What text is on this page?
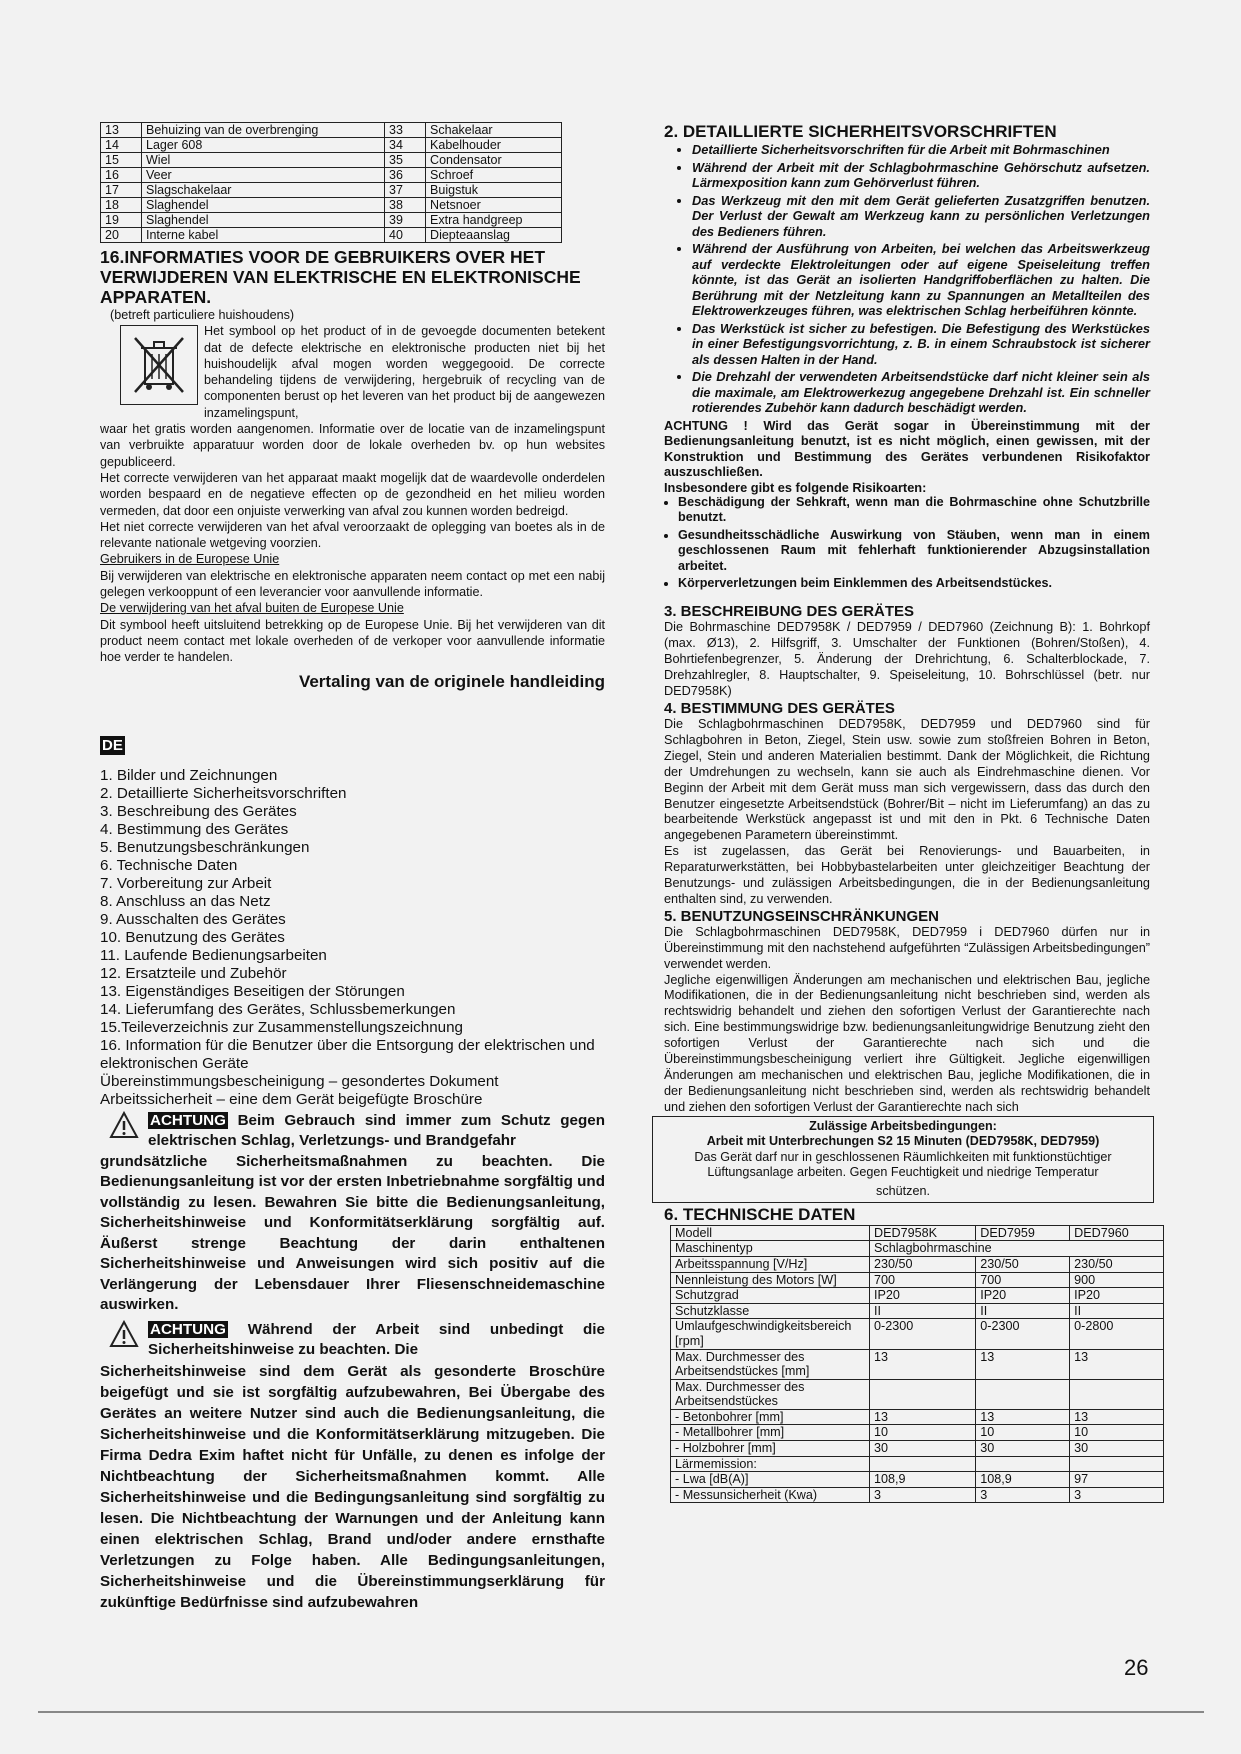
13	Behuizing van de overbrenging	33	Schakelaar
14	Lager 608	34	Kabelhouder
15	Wiel	35	Condensator
16	Veer	36	Schroef
17	Slagschakelaar	37	Buigstuk
18	Slaghendel	38	Netsnoer
19	Slaghendel	39	Extra handgreep
20	Interne kabel	40	Diepteaanslag
16.INFORMATIES VOOR DE GEBRUIKERS OVER HET VERWIJDEREN VAN ELEKTRISCHE EN ELEKTRONISCHE APPARATEN.
(betreft particuliere huishoudens)
Het symbool op het product of in de gevoegde documenten betekent dat de defecte elektrische en elektronische producten niet bij het huishoudelijk afval mogen worden weggegooid. De correcte behandeling tijdens de verwijdering, hergebruik of recycling van de componenten berust op het leveren van het product bij de aangewezen inzamelingspunt,
waar het gratis worden aangenomen. Informatie over de locatie van de inzamelingspunt van verbruikte apparatuur worden door de lokale overheden bv. op hun websites gepubliceerd.
Het correcte verwijderen van het apparaat maakt mogelijk dat de waardevolle onderdelen worden bespaard en de negatieve effecten op de gezondheid en het milieu worden vermeden, dat door een onjuiste verwerking van afval zou kunnen worden bedreigd.
Het niet correcte verwijderen van het afval veroorzaakt de oplegging van boetes als in de relevante nationale wetgeving voorzien.
Gebruikers in de Europese Unie
Bij verwijderen van elektrische en elektronische apparaten neem contact op met een nabij gelegen verkooppunt of een leverancier voor aanvullende informatie.
De verwijdering van het afval buiten de Europese Unie
Dit symbool heeft uitsluitend betrekking op de Europese Unie. Bij het verwijderen van dit product neem contact met lokale overheden of de verkoper voor aanvullende informatie hoe verder te handelen.
Vertaling van de originele handleiding
DE
1. Bilder und Zeichnungen
2. Detaillierte Sicherheitsvorschriften
3. Beschreibung des Gerätes
4. Bestimmung des Gerätes
5. Benutzungsbeschränkungen
6. Technische Daten
7. Vorbereitung zur Arbeit
8. Anschluss an das Netz
9. Ausschalten des Gerätes
10. Benutzung des Gerätes
11. Laufende Bedienungsarbeiten
12. Ersatzteile und Zubehör
13. Eigenständiges Beseitigen der Störungen
14. Lieferumfang des Gerätes, Schlussbemerkungen
15.Teileverzeichnis zur Zusammenstellungszeichnung
16. Information für die Benutzer über die Entsorgung der elektrischen und elektronischen Geräte
Übereinstimmungsbescheinigung – gesondertes Dokument
Arbeitssicherheit – eine dem Gerät beigefügte Broschüre
ACHTUNG Beim Gebrauch sind immer zum Schutz gegen elektrischen Schlag, Verletzungs- und Brandgefahr
grundsätzliche Sicherheitsmaßnahmen zu beachten. Die Bedienungsanleitung ist vor der ersten Inbetriebnahme sorgfältig und vollständig zu lesen. Bewahren Sie bitte die Bedienungsanleitung, Sicherheitshinweise und Konformitätserklärung sorgfältig auf. Äußerst strenge Beachtung der darin enthaltenen Sicherheitshinweise und Anweisungen wird sich positiv auf die Verlängerung der Lebensdauer Ihrer Fliesenschneidemaschine auswirken.
ACHTUNG Während der Arbeit sind unbedingt die Sicherheitshinweise zu beachten. Die
Sicherheitshinweise sind dem Gerät als gesonderte Broschüre beigefügt und sie ist sorgfältig aufzubewahren, Bei Übergabe des Gerätes an weitere Nutzer sind auch die Bedienungsanleitung, die Sicherheitshinweise und die Konformitätserklärung mitzugeben. Die Firma Dedra Exim haftet nicht für Unfälle, zu denen es infolge der Nichtbeachtung der Sicherheitsmaßnahmen kommt. Alle Sicherheitshinweise und die Bedingungsanleitung sind sorgfältig zu lesen. Die Nichtbeachtung der Warnungen und der Anleitung kann einen elektrischen Schlag, Brand und/oder andere ernsthafte Verletzungen zu Folge haben. Alle Bedingungsanleitungen, Sicherheitshinweise und die Übereinstimmungserklärung für zukünftige Bedürfnisse sind aufzubewahren
2. DETAILLIERTE SICHERHEITSVORSCHRIFTEN
• Detaillierte Sicherheitsvorschriften für die Arbeit mit Bohrmaschinen
• Während der Arbeit mit der Schlagbohrmaschine Gehörschutz aufsetzen. Lärmexposition kann zum Gehörverlust führen.
• Das Werkzeug mit den mit dem Gerät gelieferten Zusatzgriffen benutzen. Der Verlust der Gewalt am Werkzeug kann zu persönlichen Verletzungen des Bedieners führen.
• Während der Ausführung von Arbeiten, bei welchen das Arbeitswerkzeug auf verdeckte Elektroleitungen oder auf eigene Speiseleitung treffen könnte, ist das Gerät an isolierten Handgriffoberflächen zu halten. Die Berührung mit der Netzleitung kann zu Spannungen an Metallteilen des Elektrowerkzeuges führen, was elektrischen Schlag herbeiführen könnte.
• Das Werkstück ist sicher zu befestigen. Die Befestigung des Werkstückes in einer Befestigungsvorrichtung, z. B. in einem Schraubstock ist sicherer als dessen Halten in der Hand.
• Die Drehzahl der verwendeten Arbeitsendstücke darf nicht kleiner sein als die maximale, am Elektrowerkezug angegebene Drehzahl ist. Ein schneller rotierendes Zubehör kann dadurch beschädigt werden.
ACHTUNG ! Wird das Gerät sogar in Übereinstimmung mit der Bedienungsanleitung benutzt, ist es nicht möglich, einen gewissen, mit der Konstruktion und Bestimmung des Gerätes verbundenen Risikofaktor auszuschließen.
Insbesondere gibt es folgende Risikoarten:
• Beschädigung der Sehkraft, wenn man die Bohrmaschine ohne Schutzbrille benutzt.
• Gesundheitsschädliche Auswirkung von Stäuben, wenn man in einem geschlossenen Raum mit fehlerhaft funktionierender Abzugsinstallation arbeitet.
• Körperverletzungen beim Einklemmen des Arbeitsendstückes.
3. BESCHREIBUNG DES GERÄTES
Die Bohrmaschine DED7958K / DED7959 / DED7960 (Zeichnung B): 1. Bohrkopf (max. Ø13), 2. Hilfsgriff, 3. Umschalter der Funktionen (Bohren/Stoßen), 4. Bohrtiefenbegrenzer, 5. Änderung der Drehrichtung, 6. Schalterblockade, 7. Drehzahlregler, 8. Hauptschalter, 9. Speiseleitung, 10. Bohrschlüssel (betr. nur DED7958K)
4. BESTIMMUNG DES GERÄTES
Die Schlagbohrmaschinen DED7958K, DED7959 und DED7960 sind für Schlagbohren in Beton, Ziegel, Stein usw. sowie zum stoßfreien Bohren in Beton, Ziegel, Stein und anderen Materialien bestimmt. Dank der Möglichkeit, die Richtung der Umdrehungen zu wechseln, kann sie auch als Eindrehmaschine dienen. Vor Beginn der Arbeit mit dem Gerät muss man sich vergewissern, dass das durch den Benutzer eingesetzte Arbeitsendstück (Bohrer/Bit – nicht im Lieferumfang) an das zu bearbeitende Werkstück angepasst ist und mit den in Pkt. 6 Technische Daten angegebenen Parametern übereinstimmt.
Es ist zugelassen, das Gerät bei Renovierungs- und Bauarbeiten, in Reparaturwerkstätten, bei Hobbybastelarbeiten unter gleichzeitiger Beachtung der Benutzungs- und zulässigen Arbeitsbedingungen, die in der Bedienungsanleitung enthalten sind, zu verwenden.
5. BENUTZUNGSEINSCHRÄNKUNGEN
Die Schlagbohrmaschinen DED7958K, DED7959 i DED7960 dürfen nur in Übereinstimmung mit den nachstehend aufgeführten “Zulässigen Arbeitsbedingungen” verwendet werden.
Jegliche eigenwilligen Änderungen am mechanischen und elektrischen Bau, jegliche Modifikationen, die in der Bedienungsanleitung nicht beschrieben sind, werden als rechtswidrig behandelt und ziehen den sofortigen Verlust der Garantierechte nach sich. Eine bestimmungswidrige bzw. bedienungsanleitungwidrige Benutzung zieht den sofortigen Verlust der Garantierechte nach sich und die Übereinstimmungsbescheinigung verliert ihre Gültigkeit. Jegliche eigenwilligen Änderungen am mechanischen und elektrischen Bau, jegliche Modifikationen, die in der Bedienungsanleitung nicht beschrieben sind, werden als rechtswidrig behandelt und ziehen den sofortigen Verlust der Garantierechte nach sich
Zulässige Arbeitsbedingungen:
Arbeit mit Unterbrechungen S2 15 Minuten (DED7958K, DED7959)
Das Gerät darf nur in geschlossenen Räumlichkeiten mit funktionstüchtiger Lüftungsanlage arbeiten. Gegen Feuchtigkeit und niedrige Temperatur
schützen.
6. TECHNISCHE DATEN
Modell	DED7958K	DED7959	DED7960
Maschinentyp	Schlagbohrmaschine		
Arbeitsspannung [V/Hz]	230/50	230/50	230/50
Nennleistung des Motors [W]	700	700	900
Schutzgrad	IP20	IP20	IP20
Schutzklasse	II	II	II
Umlaufgeschwindigkeitsbereich [rpm]	0-2300	0-2300	0-2800
Max. Durchmesser des Arbeitsendstückes [mm]	13	13	13
Max. Durchmesser des Arbeitsendstückes			
- Betonbohrer [mm]	13	13	13
- Metallbohrer [mm]	10	10	10
- Holzbohrer [mm]	30	30	30
Lärmemission:			
- Lwa [dB(A)]	108,9	108,9	97
- Messunsicherheit (Kwa)	3	3	3
26
